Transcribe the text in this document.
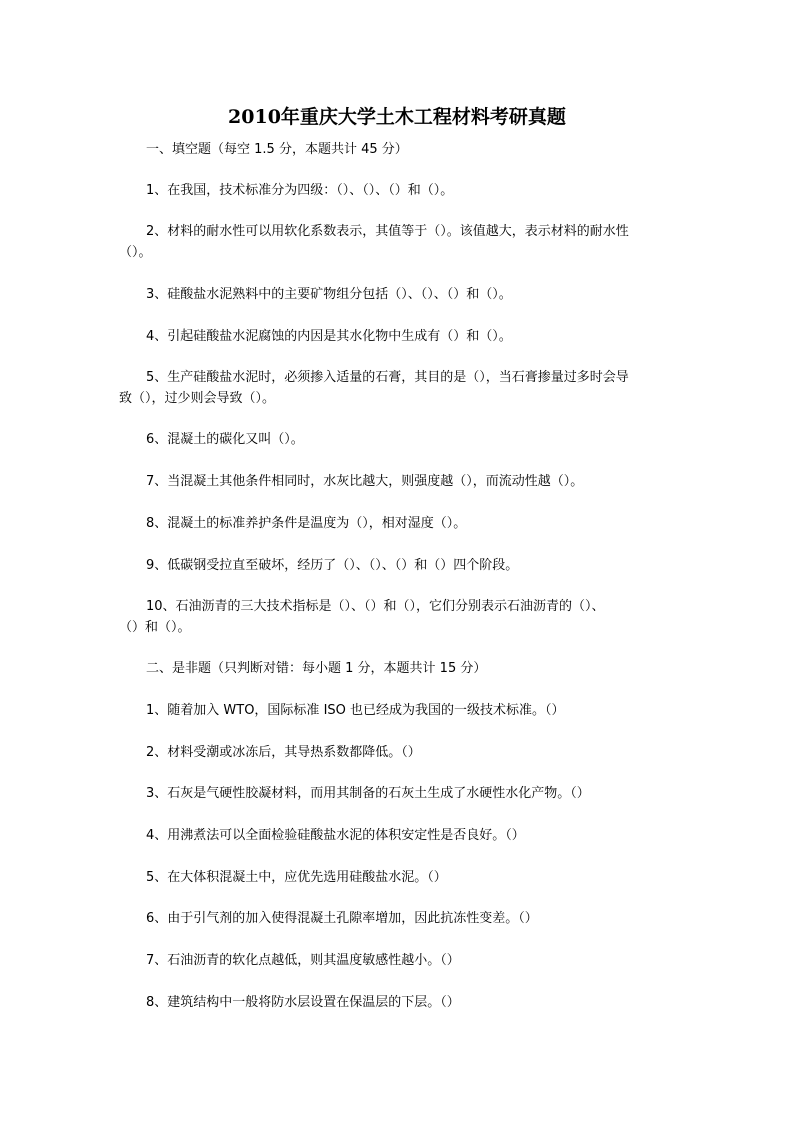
2010年重庆大学土木工程材料考研真题

一、填空题（每空 1.5 分，本题共计 45 分）

1、在我国，技术标准分为四级：（）、（）、（）和（）。

2、材料的耐水性可以用软化系数表示，其值等于（）。该值越大，表示材料的耐水性

（）。

3、硅酸盐水泥熟料中的主要矿物组分包括（）、（）、（）和（）。

4、引起硅酸盐水泥腐蚀的内因是其水化物中生成有（）和（）。

5、生产硅酸盐水泥时，必须掺入适量的石膏，其目的是（），当石膏掺量过多时会导

致（），过少则会导致（）。

6、混凝土的碳化又叫（）。

7、当混凝土其他条件相同时，水灰比越大，则强度越（），而流动性越（）。

8、混凝土的标准养护条件是温度为（），相对湿度（）。

9、低碳钢受拉直至破坏，经历了（）、（）、（）和（）四个阶段。

10、石油沥青的三大技术指标是（）、（）和（），它们分别表示石油沥青的（）、

（）和（）。

二、是非题（只判断对错：每小题 1 分，本题共计 15 分）

1、随着加入 WTO，国际标准 ISO 也已经成为我国的一级技术标准。（）

2、材料受潮或冰冻后，其导热系数都降低。（）

3、石灰是气硬性胶凝材料，而用其制备的石灰土生成了水硬性水化产物。（）

4、用沸煮法可以全面检验硅酸盐水泥的体积安定性是否良好。（）

5、在大体积混凝土中，应优先选用硅酸盐水泥。（）

6、由于引气剂的加入使得混凝土孔隙率增加，因此抗冻性变差。（）

7、石油沥青的软化点越低，则其温度敏感性越小。（）

8、建筑结构中一般将防水层设置在保温层的下层。（）
